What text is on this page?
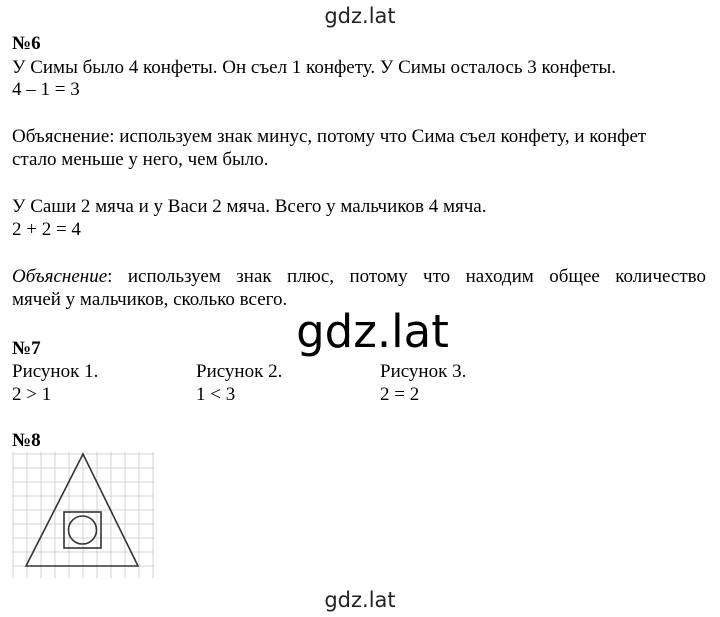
gdz.lat
№6
У Симы было 4 конфеты. Он съел 1 конфету. У Симы осталось 3 конфеты.
4 – 1 = 3
Объяснение: используем знак минус, потому что Сима съел конфету, и конфет
стало меньше у него, чем было.
У Саши 2 мяча и у Васи 2 мяча. Всего у мальчиков 4 мяча.
2 + 2 = 4
Объяснение: используем знак плюс, потому что находим общее количество
мячей у мальчиков, сколько всего.
gdz.lat
№7
Рисунок 1.
2 > 1
Рисунок 2.
1 < 3
Рисунок 3.
2 = 2
№8
gdz.lat
